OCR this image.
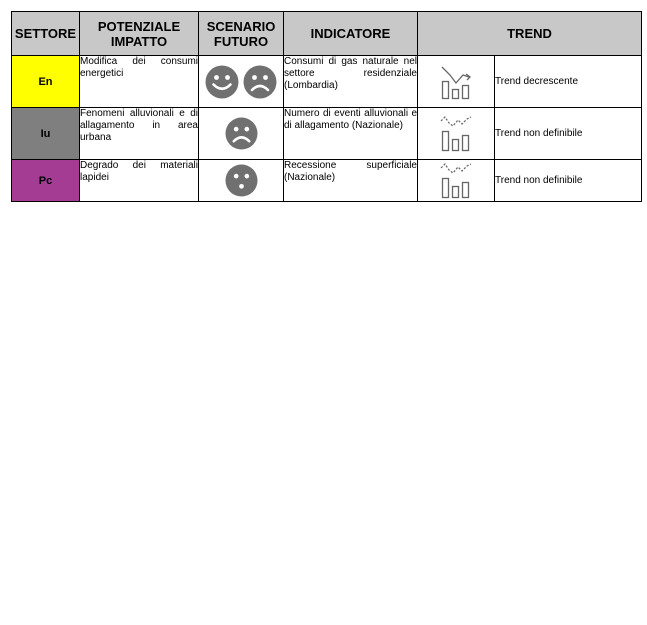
SETTORE	POTENZIALE IMPATTO	SCENARIO FUTURO	INDICATORE	TREND	
En	Modifica dei consumi energetici		Consumi di gas naturale nel settore residenziale (Lombardia)		Trend decrescente
Iu	Fenomeni alluvionali e di allagamento in area urbana		Numero di eventi alluvionali e di allagamento (Nazionale)		Trend non definibile
Pc	Degrado dei materiali lapidei		Recessione superficiale (Nazionale)		Trend non definibile
